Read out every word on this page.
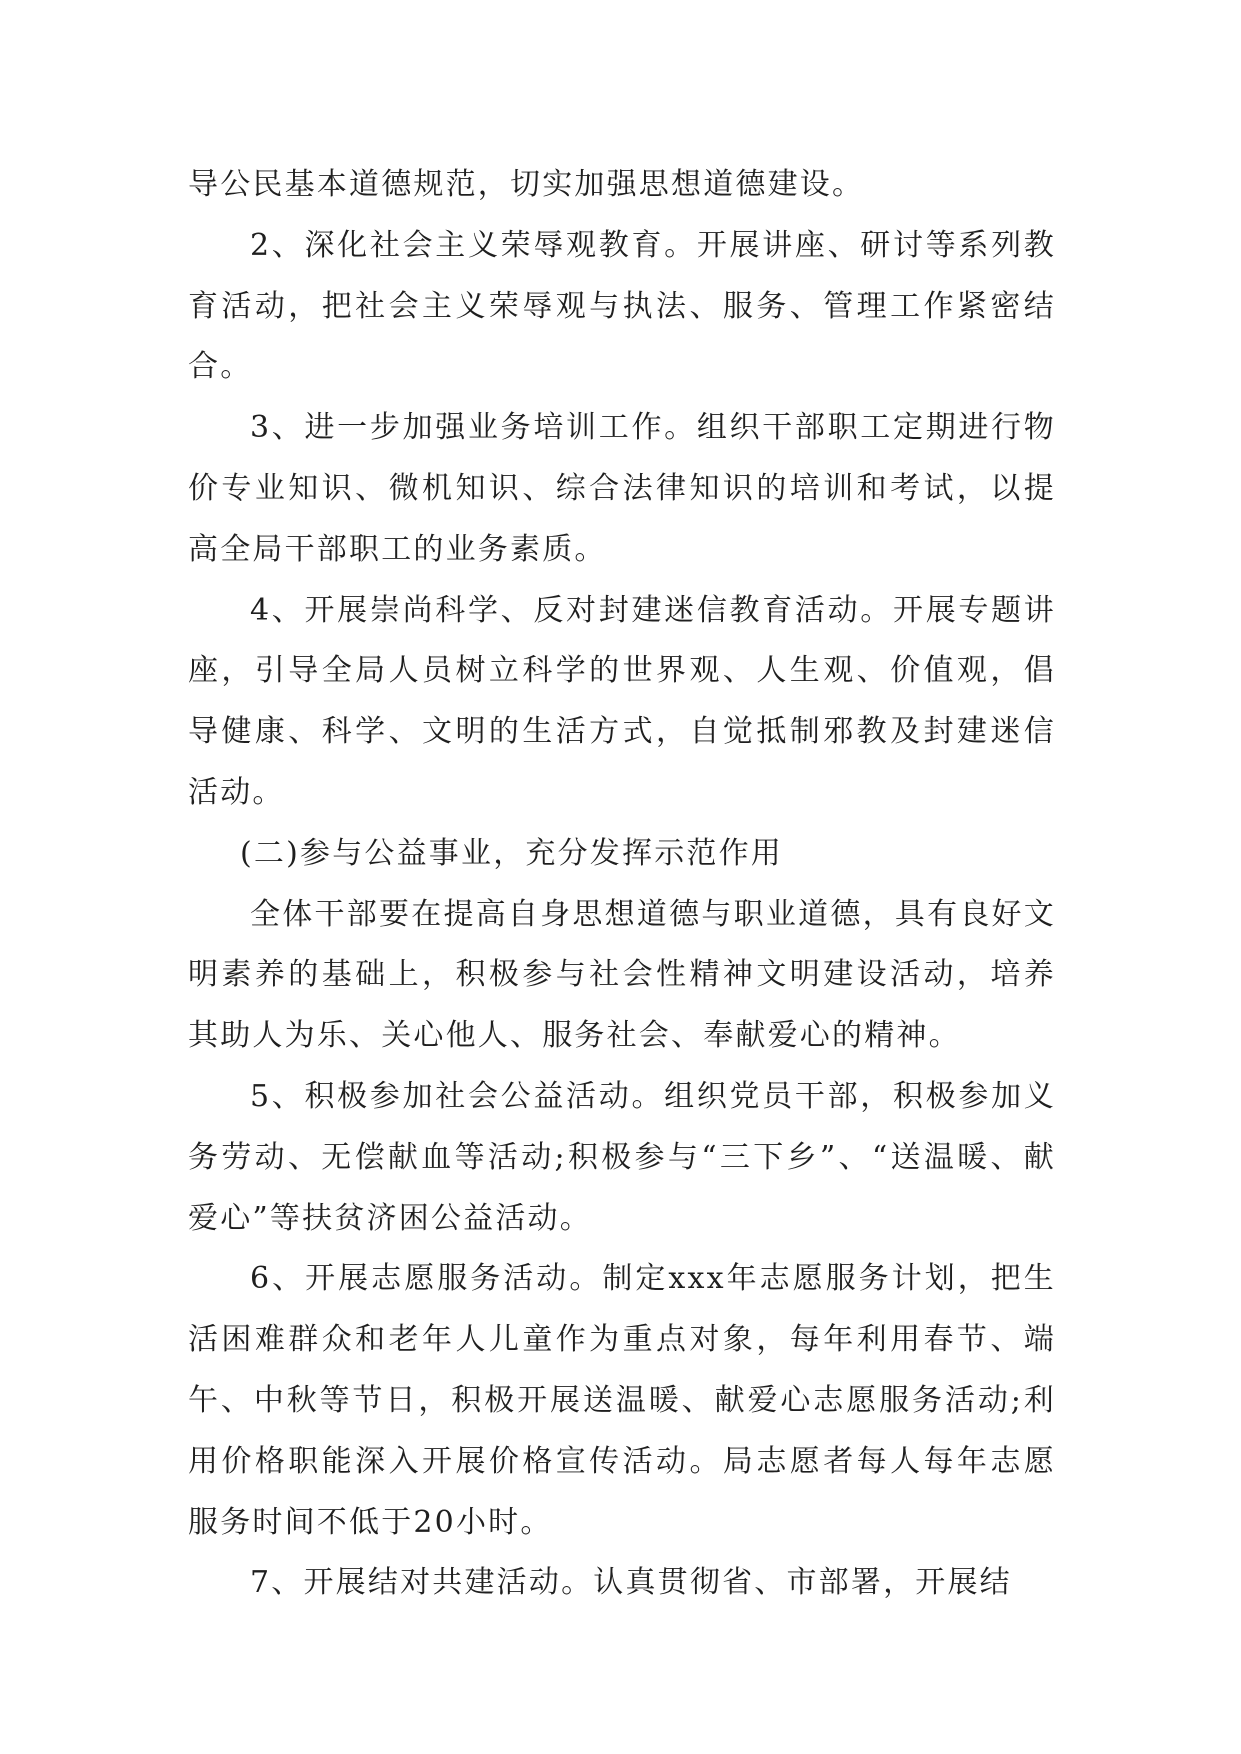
导公民基本道德规范，切实加强思想道德建设。

2、深化社会主义荣辱观教育。开展讲座、研讨等系列教育活动，把社会主义荣辱观与执法、服务、管理工作紧密结合。

3、进一步加强业务培训工作。组织干部职工定期进行物价专业知识、微机知识、综合法律知识的培训和考试，以提高全局干部职工的业务素质。

4、开展崇尚科学、反对封建迷信教育活动。开展专题讲座，引导全局人员树立科学的世界观、人生观、价值观，倡导健康、科学、文明的生活方式，自觉抵制邪教及封建迷信活动。

(二)参与公益事业，充分发挥示范作用

全体干部要在提高自身思想道德与职业道德，具有良好文明素养的基础上，积极参与社会性精神文明建设活动，培养其助人为乐、关心他人、服务社会、奉献爱心的精神。

5、积极参加社会公益活动。组织党员干部，积极参加义务劳动、无偿献血等活动;积极参与“三下乡”、“送温暖、献爱心”等扶贫济困公益活动。

6、开展志愿服务活动。制定xxx年志愿服务计划，把生活困难群众和老年人儿童作为重点对象，每年利用春节、端午、中秋等节日，积极开展送温暖、献爱心志愿服务活动;利用价格职能深入开展价格宣传活动。局志愿者每人每年志愿服务时间不低于20小时。

7、开展结对共建活动。认真贯彻省、市部署，开展结
